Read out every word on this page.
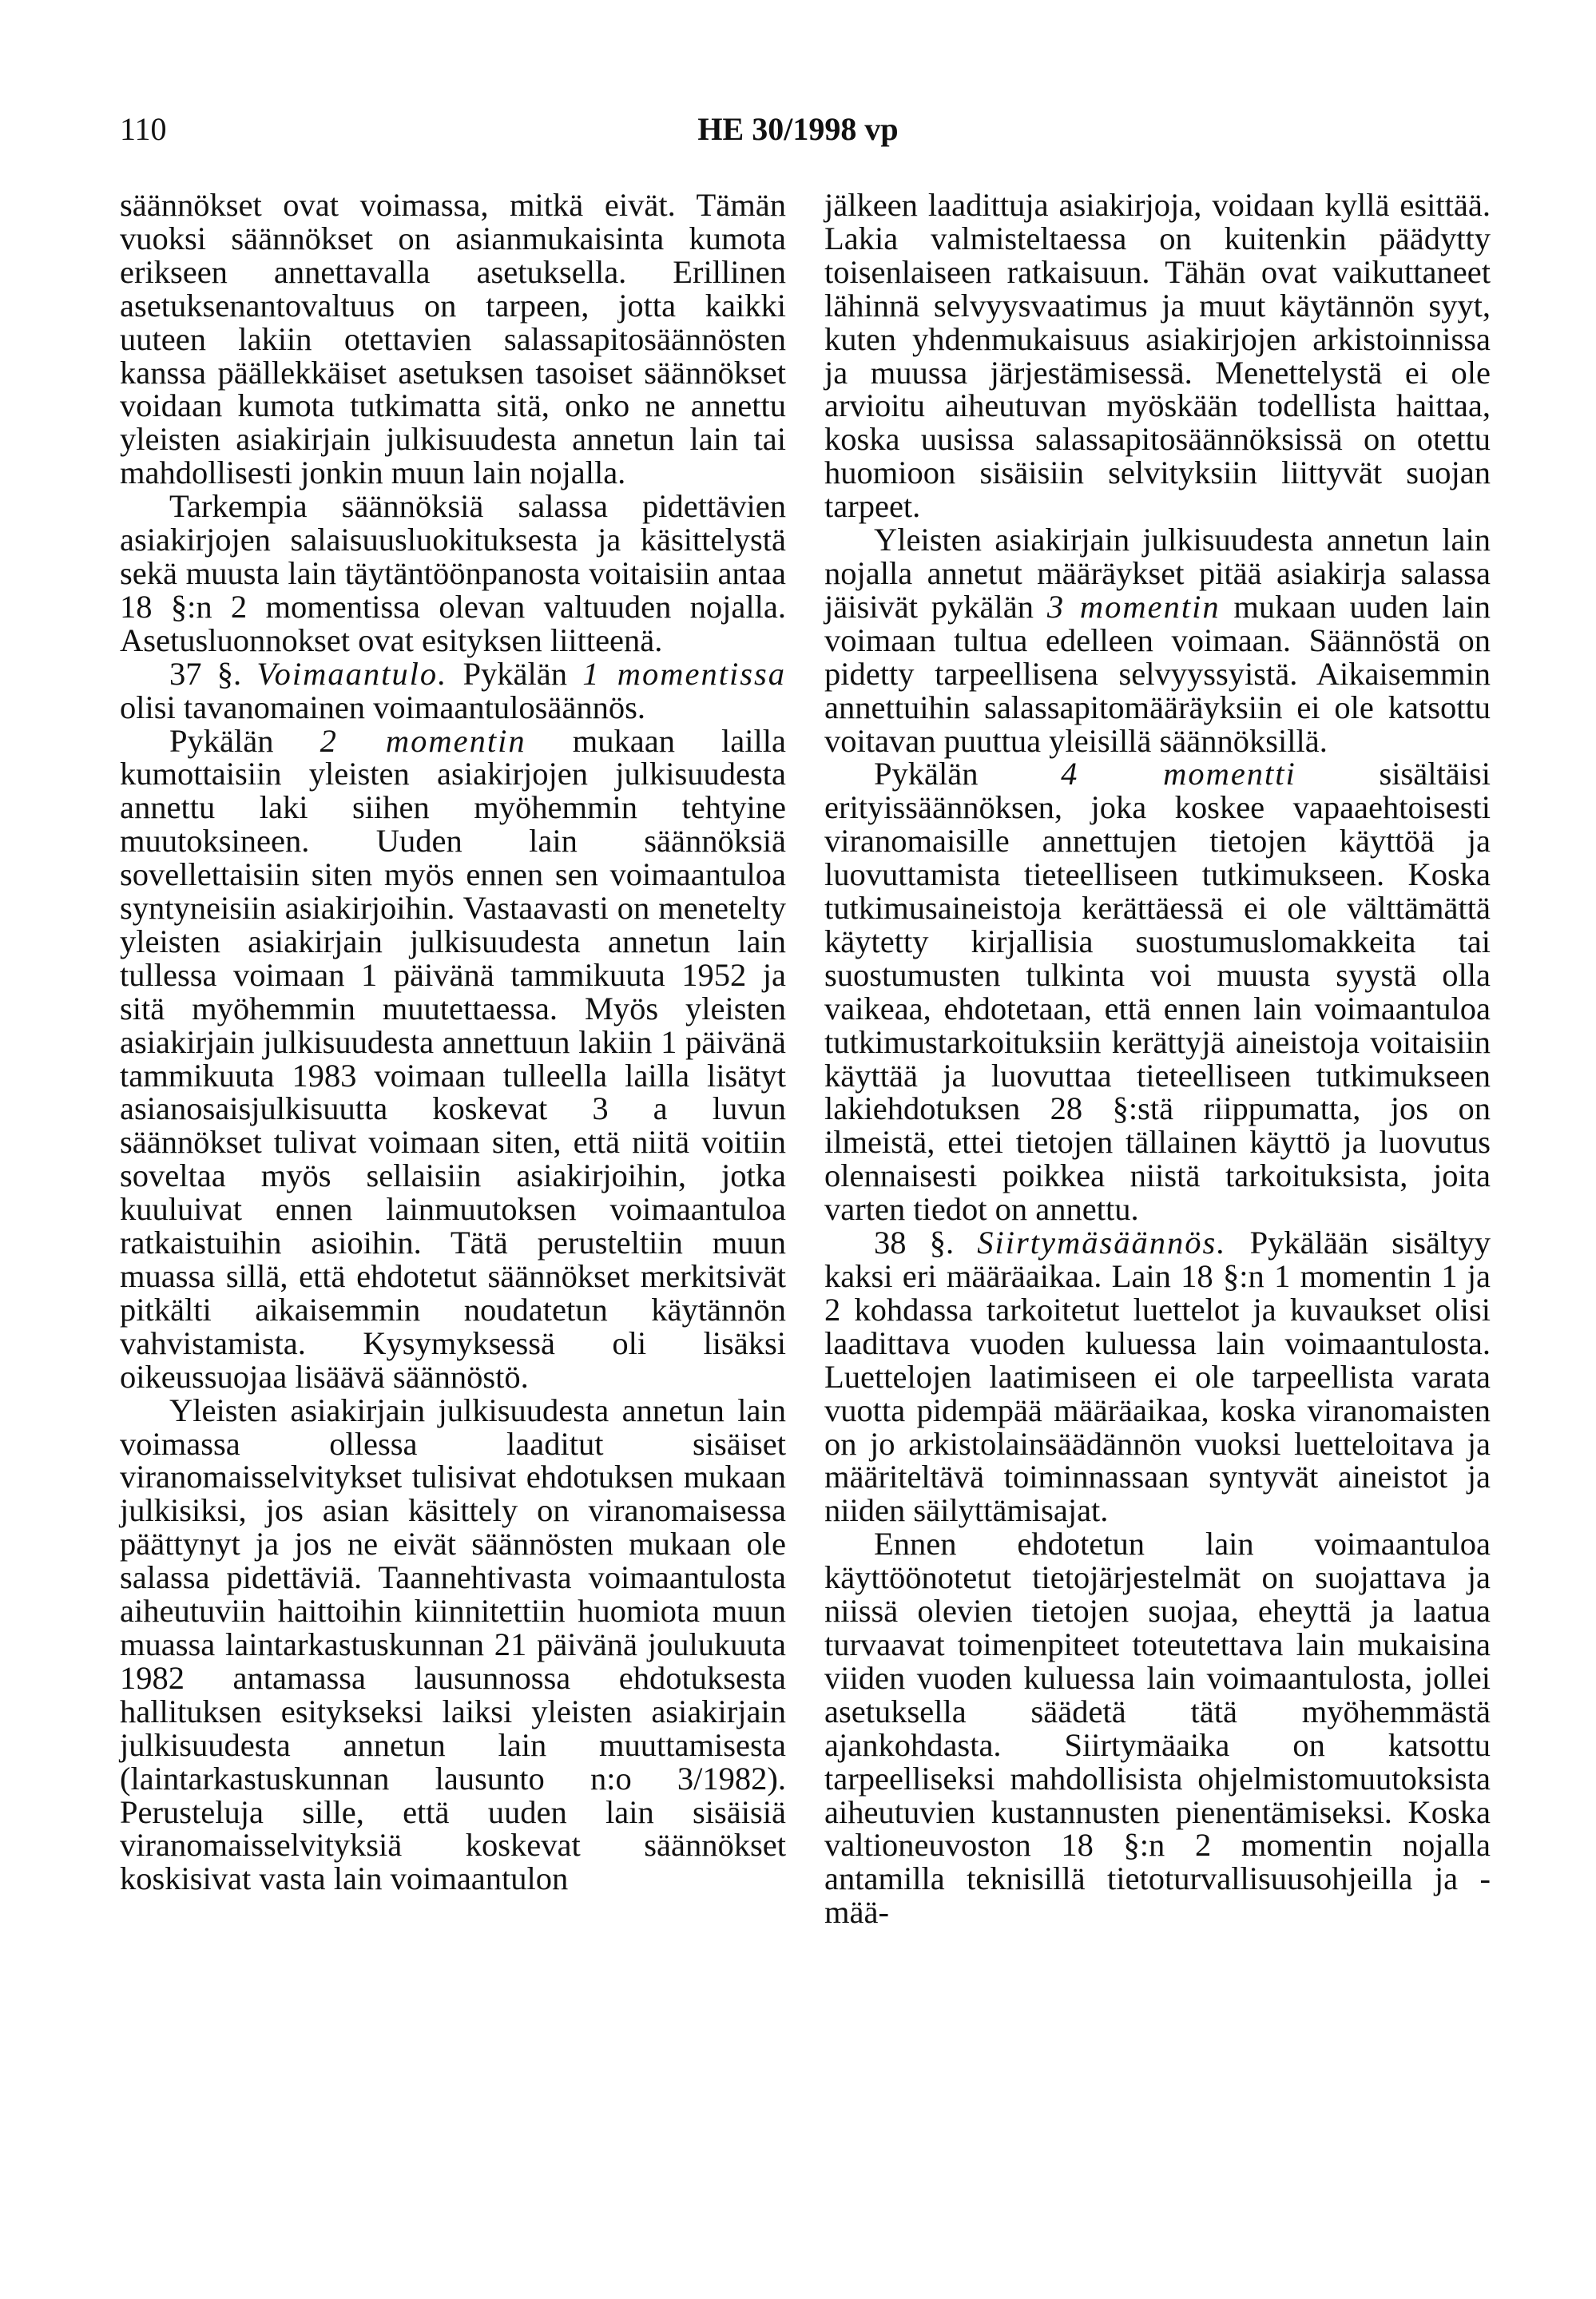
110	HE 30/1998 vp

säännökset ovat voimassa, mitkä eivät. Tämän vuoksi säännökset on asianmukaisinta kumota erikseen annettavalla asetuksella. Erillinen asetuksenantovaltuus on tarpeen, jotta kaikki uuteen lakiin otettavien salassapitosäännösten kanssa päällekkäiset asetuksen tasoiset säännökset voidaan kumota tutkimatta sitä, onko ne annettu yleisten asiakirjain julkisuudesta annetun lain tai mahdollisesti jonkin muun lain nojalla.

Tarkempia säännöksiä salassa pidettävien asiakirjojen salaisuusluokituksesta ja käsittelystä sekä muusta lain täytäntöönpanosta voitaisiin antaa 18 §:n 2 momentissa olevan valtuuden nojalla. Asetusluonnokset ovat esityksen liitteenä.

37 §. Voimaantulo. Pykälän 1 momentissa olisi tavanomainen voimaantulosäännös.

Pykälän 2 momentin mukaan lailla kumottaisiin yleisten asiakirjojen julkisuudesta annettu laki siihen myöhemmin tehtyine muutoksineen. Uuden lain säännöksiä sovellettaisiin siten myös ennen sen voimaantuloa syntyneisiin asiakirjoihin. Vastaavasti on menetelty yleisten asiakirjain julkisuudesta annetun lain tullessa voimaan 1 päivänä tammikuuta 1952 ja sitä myöhemmin muutettaessa. Myös yleisten asiakirjain julkisuudesta annettuun lakiin 1 päivänä tammikuuta 1983 voimaan tulleella lailla lisätyt asianosaisjulkisuutta koskevat 3 a luvun säännökset tulivat voimaan siten, että niitä voitiin soveltaa myös sellaisiin asiakirjoihin, jotka kuuluivat ennen lainmuutoksen voimaantuloa ratkaistuihin asioihin. Tätä perusteltiin muun muassa sillä, että ehdotetut säännökset merkitsivät pitkälti aikaisemmin noudatetun käytännön vahvistamista. Kysymyksessä oli lisäksi oikeussuojaa lisäävä säännöstö.

Yleisten asiakirjain julkisuudesta annetun lain voimassa ollessa laaditut sisäiset viranomaisselvitykset tulisivat ehdotuksen mukaan julkisiksi, jos asian käsittely on viranomaisessa päättynyt ja jos ne eivät säännösten mukaan ole salassa pidettäviä. Taannehtivasta voimaantulosta aiheutuviin haittoihin kiinnitettiin huomiota muun muassa laintarkastuskunnan 21 päivänä joulukuuta 1982 antamassa lausunnossa ehdotuksesta hallituksen esitykseksi laiksi yleisten asiakirjain julkisuudesta annetun lain muuttamisesta (laintarkastuskunnan lausunto n:o 3/1982). Perusteluja sille, että uuden lain sisäisiä viranomaisselvityksiä koskevat säännökset koskisivat vasta lain voimaantulon

jälkeen laadittuja asiakirjoja, voidaan kyllä esittää. Lakia valmisteltaessa on kuitenkin päädytty toisenlaiseen ratkaisuun. Tähän ovat vaikuttaneet lähinnä selvyysvaatimus ja muut käytännön syyt, kuten yhdenmukaisuus asiakirjojen arkistoinnissa ja muussa järjestämisessä. Menettelystä ei ole arvioitu aiheutuvan myöskään todellista haittaa, koska uusissa salassapitosäännöksissä on otettu huomioon sisäisiin selvityksiin liittyvät suojan tarpeet.

Yleisten asiakirjain julkisuudesta annetun lain nojalla annetut määräykset pitää asiakirja salassa jäisivät pykälän 3 momentin mukaan uuden lain voimaan tultua edelleen voimaan. Säännöstä on pidetty tarpeellisena selvyyssyistä. Aikaisemmin annettuihin salassapitomääräyksiin ei ole katsottu voitavan puuttua yleisillä säännöksillä.

Pykälän 4 momentti sisältäisi erityissäännöksen, joka koskee vapaaehtoisesti viranomaisille annettujen tietojen käyttöä ja luovuttamista tieteelliseen tutkimukseen. Koska tutkimusaineistoja kerättäessä ei ole välttämättä käytetty kirjallisia suostumuslomakkeita tai suostumusten tulkinta voi muusta syystä olla vaikeaa, ehdotetaan, että ennen lain voimaantuloa tutkimustarkoituksiin kerättyjä aineistoja voitaisiin käyttää ja luovuttaa tieteelliseen tutkimukseen lakiehdotuksen 28 §:stä riippumatta, jos on ilmeistä, ettei tietojen tällainen käyttö ja luovutus olennaisesti poikkea niistä tarkoituksista, joita varten tiedot on annettu.

38 §. Siirtymäsäännös. Pykälään sisältyy kaksi eri määräaikaa. Lain 18 §:n 1 momentin 1 ja 2 kohdassa tarkoitetut luettelot ja kuvaukset olisi laadittava vuoden kuluessa lain voimaantulosta. Luettelojen laatimiseen ei ole tarpeellista varata vuotta pidempää määräaikaa, koska viranomaisten on jo arkistolainsäädännön vuoksi luetteloitava ja määriteltävä toiminnassaan syntyvät aineistot ja niiden säilyttämisajat.

Ennen ehdotetun lain voimaantuloa käyttöönotetut tietojärjestelmät on suojattava ja niissä olevien tietojen suojaa, eheyttä ja laatua turvaavat toimenpiteet toteutettava lain mukaisina viiden vuoden kuluessa lain voimaantulosta, jollei asetuksella säädetä tätä myöhemmästä ajankohdasta. Siirtymäaika on katsottu tarpeelliseksi mahdollisista ohjelmistomuutoksista aiheutuvien kustannusten pienentämiseksi. Koska valtioneuvoston 18 §:n 2 momentin nojalla antamilla teknisillä tietoturvallisuusohjeilla ja -mää-
